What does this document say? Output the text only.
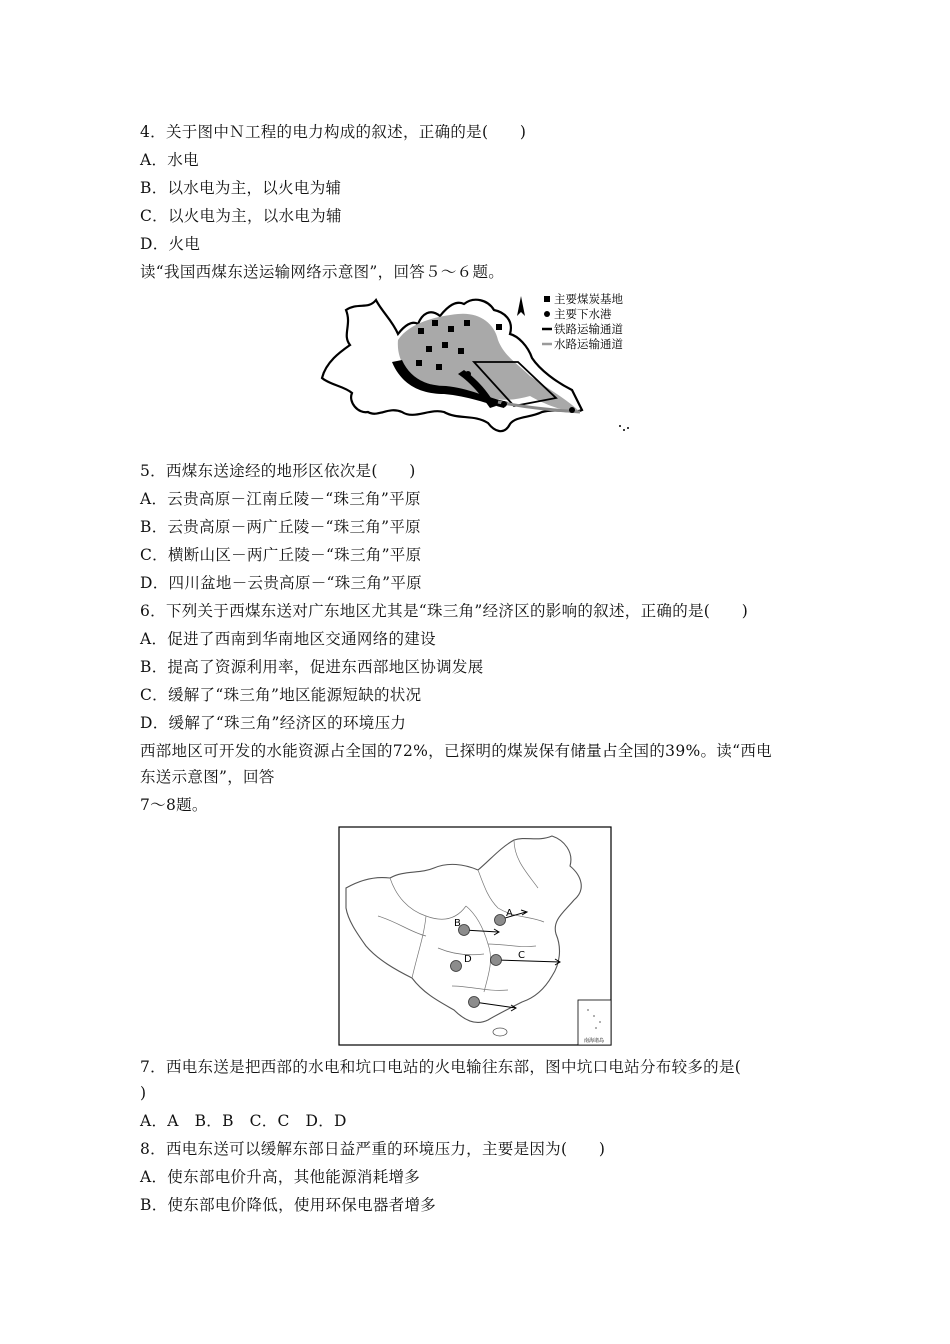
4．关于图中Ｎ工程的电力构成的叙述，正确的是(　　)
A．水电
B．以水电为主，以火电为辅
C．以火电为主，以水电为辅
D．火电
读“我国西煤东送运输网络示意图”，回答５～６题。
主要煤炭基地
主要下水港
铁路运输通道
水路运输通道
5．西煤东送途经的地形区依次是(　　)
A．云贵高原－江南丘陵－“珠三角”平原
B．云贵高原－两广丘陵－“珠三角”平原
C．横断山区－两广丘陵－“珠三角”平原
D．四川盆地－云贵高原－“珠三角”平原
6．下列关于西煤东送对广东地区尤其是“珠三角”经济区的影响的叙述，正确的是(　　)
A．促进了西南到华南地区交通网络的建设
B．提高了资源利用率，促进东西部地区协调发展
C．缓解了“珠三角”地区能源短缺的状况
D．缓解了“珠三角”经济区的环境压力
西部地区可开发的水能资源占全国的72%，已探明的煤炭保有储量占全国的39%。读“西电
东送示意图”，回答
7～8题。
A
B
C
D
南海诸岛
7．西电东送是把西部的水电和坑口电站的火电输往东部，图中坑口电站分布较多的是(
)
A．A　B．B　C．C　D．D
8．西电东送可以缓解东部日益严重的环境压力，主要是因为(　　)
A．使东部电价升高，其他能源消耗增多
B．使东部电价降低，使用环保电器者增多
